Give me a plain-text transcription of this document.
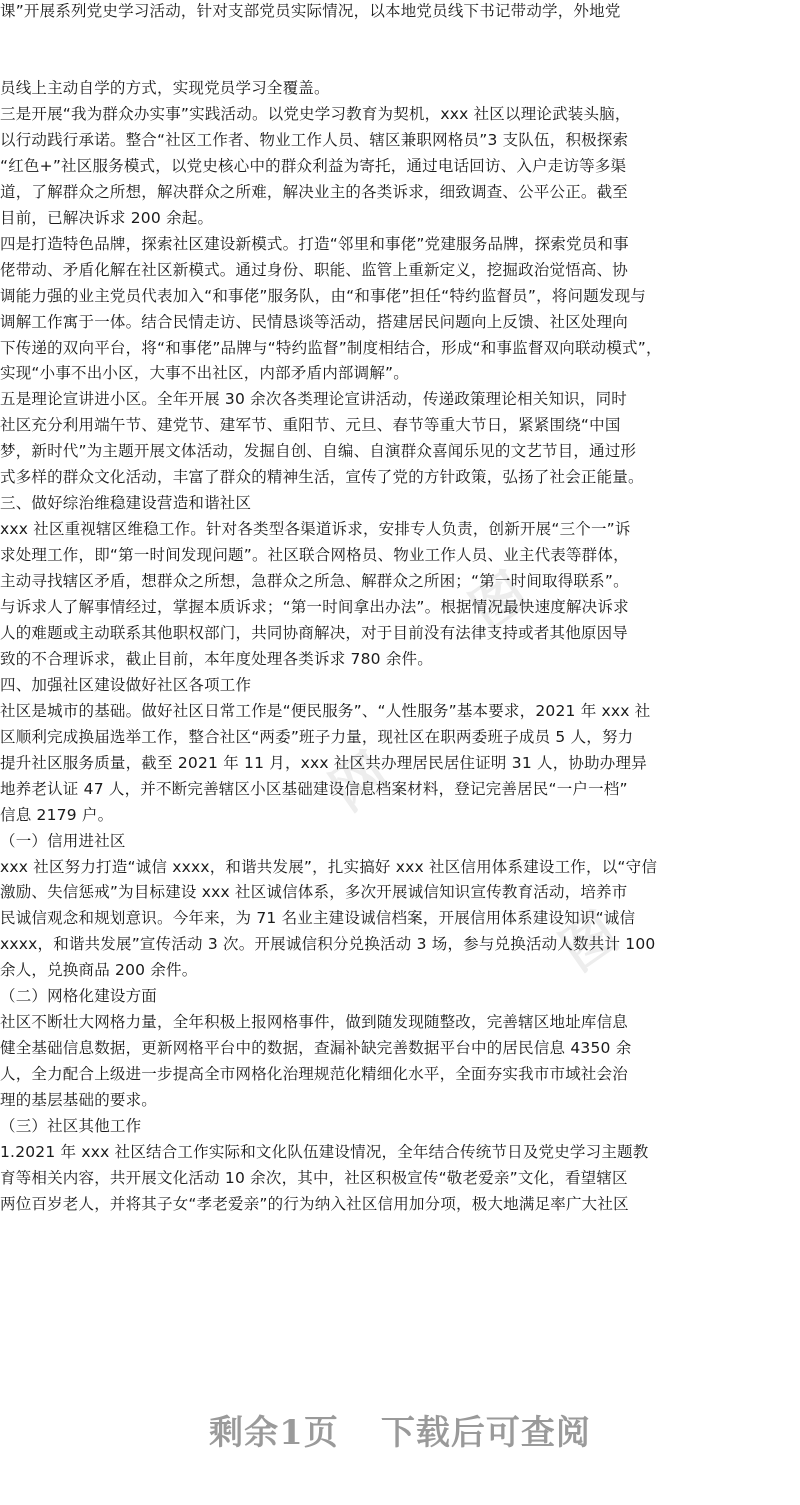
图
网
图
课”开展系列党史学习活动，针对支部党员实际情况，以本地党员线下书记带动学，外地党
员线上主动自学的方式，实现党员学习全覆盖。
三是开展“我为群众办实事”实践活动。以党史学习教育为契机，xxx 社区以理论武装头脑，
以行动践行承诺。整合“社区工作者、物业工作人员、辖区兼职网格员”3 支队伍，积极探索
“红色+”社区服务模式，以党史核心中的群众利益为寄托，通过电话回访、入户走访等多渠
道，了解群众之所想，解决群众之所难，解决业主的各类诉求，细致调查、公平公正。截至
目前，已解决诉求 200 余起。
四是打造特色品牌，探索社区建设新模式。打造“邻里和事佬”党建服务品牌，探索党员和事
佬带动、矛盾化解在社区新模式。通过身份、职能、监管上重新定义，挖掘政治觉悟高、协
调能力强的业主党员代表加入“和事佬”服务队，由“和事佬”担任“特约监督员”，将问题发现与
调解工作寓于一体。结合民情走访、民情恳谈等活动，搭建居民问题向上反馈、社区处理向
下传递的双向平台，将“和事佬”品牌与“特约监督”制度相结合，形成“和事监督双向联动模式”，
实现“小事不出小区，大事不出社区，内部矛盾内部调解”。
五是理论宣讲进小区。全年开展 30 余次各类理论宣讲活动，传递政策理论相关知识，同时
社区充分利用端午节、建党节、建军节、重阳节、元旦、春节等重大节日，紧紧围绕“中国
梦，新时代”为主题开展文体活动，发掘自创、自编、自演群众喜闻乐见的文艺节目，通过形
式多样的群众文化活动，丰富了群众的精神生活，宣传了党的方针政策，弘扬了社会正能量。
三、做好综治维稳建设营造和谐社区
xxx 社区重视辖区维稳工作。针对各类型各渠道诉求，安排专人负责，创新开展“三个一”诉
求处理工作，即“第一时间发现问题”。社区联合网格员、物业工作人员、业主代表等群体，
主动寻找辖区矛盾，想群众之所想，急群众之所急、解群众之所困；“第一时间取得联系”。
与诉求人了解事情经过，掌握本质诉求；“第一时间拿出办法”。根据情况最快速度解决诉求
人的难题或主动联系其他职权部门，共同协商解决，对于目前没有法律支持或者其他原因导
致的不合理诉求，截止目前，本年度处理各类诉求 780 余件。
四、加强社区建设做好社区各项工作
社区是城市的基础。做好社区日常工作是“便民服务”、“人性服务”基本要求，2021 年 xxx 社
区顺利完成换届选举工作，整合社区“两委”班子力量，现社区在职两委班子成员 5 人，努力
提升社区服务质量，截至 2021 年 11 月，xxx 社区共办理居民居住证明 31 人，协助办理异
地养老认证 47 人，并不断完善辖区小区基础建设信息档案材料，登记完善居民“一户一档”
信息 2179 户。
（一）信用进社区
xxx 社区努力打造“诚信 xxxx，和谐共发展”，扎实搞好 xxx 社区信用体系建设工作，以“守信
激励、失信惩戒”为目标建设 xxx 社区诚信体系，多次开展诚信知识宣传教育活动，培养市
民诚信观念和规划意识。今年来，为 71 名业主建设诚信档案，开展信用体系建设知识“诚信
xxxx，和谐共发展”宣传活动 3 次。开展诚信积分兑换活动 3 场，参与兑换活动人数共计 100
余人，兑换商品 200 余件。
（二）网格化建设方面
社区不断壮大网格力量，全年积极上报网格事件，做到随发现随整改，完善辖区地址库信息
健全基础信息数据，更新网格平台中的数据，查漏补缺完善数据平台中的居民信息 4350 余
人，全力配合上级进一步提高全市网格化治理规范化精细化水平，全面夯实我市市域社会治
理的基层基础的要求。
（三）社区其他工作
1.2021 年 xxx 社区结合工作实际和文化队伍建设情况，全年结合传统节日及党史学习主题教
育等相关内容，共开展文化活动 10 余次，其中，社区积极宣传“敬老爱亲”文化，看望辖区
两位百岁老人，并将其子女“孝老爱亲”的行为纳入社区信用加分项，极大地满足率广大社区
剩余1页 下载后可查阅
